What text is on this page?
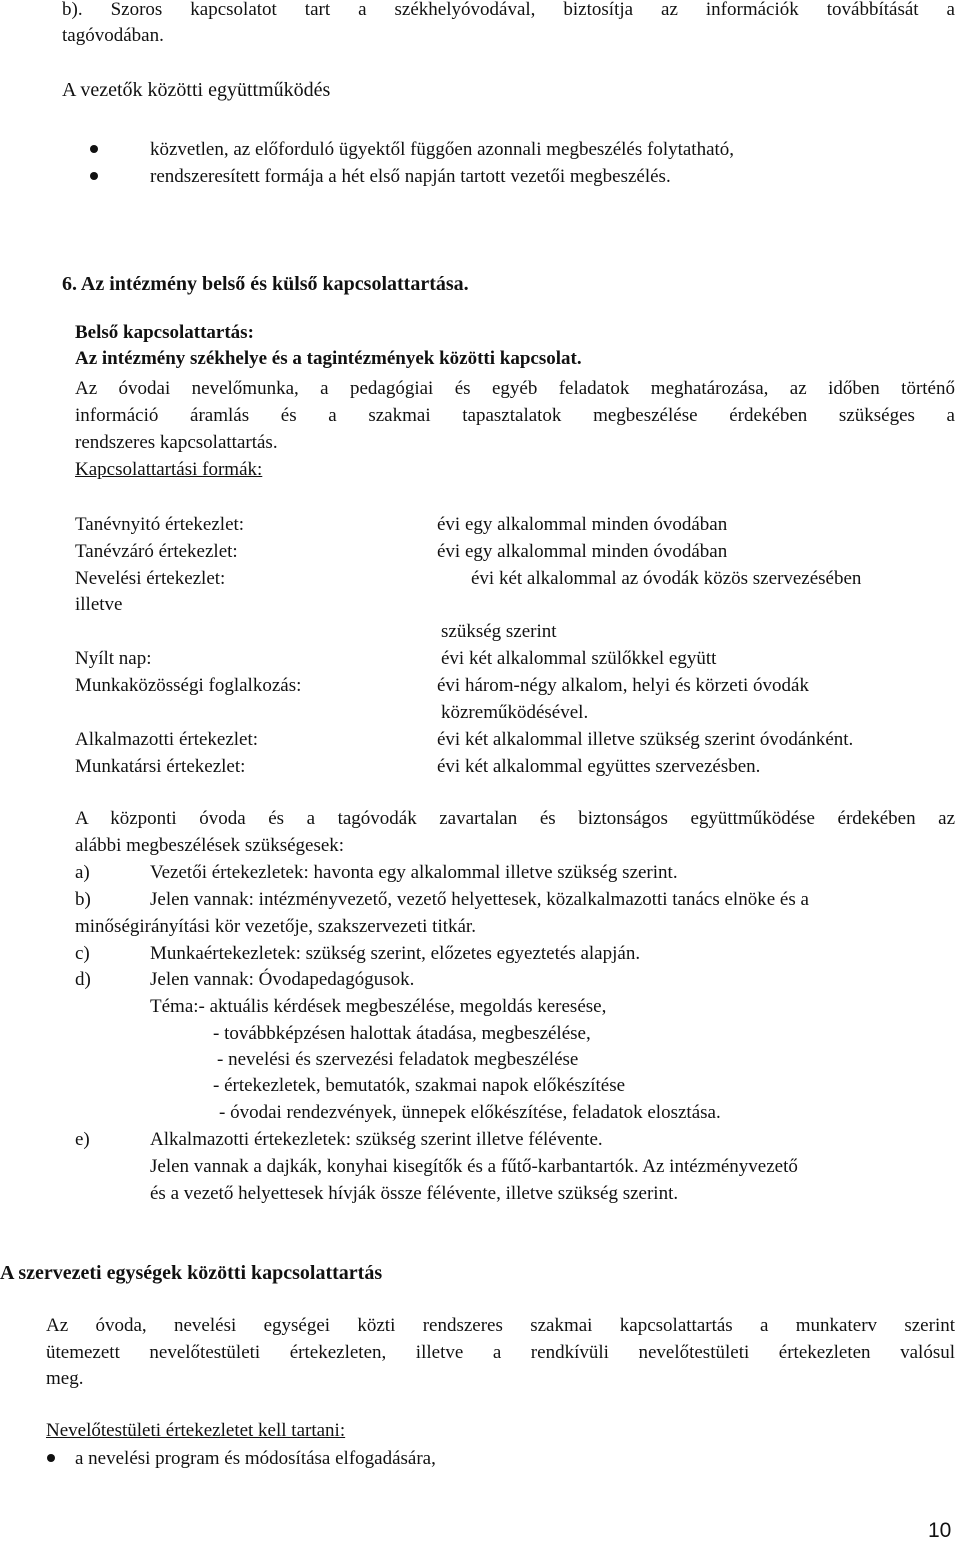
b). Szoros kapcsolatot tart a székhelyóvodával, biztosítja az információk továbbítását a
tagóvodában.
A vezetők közötti együttműködés
közvetlen, az előforduló ügyektől függően azonnali megbeszélés folytatható,
rendszeresített formája a hét első napján tartott vezetői megbeszélés.
6. Az intézmény belső és külső kapcsolattartása.
Belső kapcsolattartás:
Az intézmény székhelye és a tagintézmények közötti kapcsolat.
Az óvodai nevelőmunka, a pedagógiai és egyéb feladatok meghatározása, az időben történő
információ áramlás és a szakmai tapasztalatok megbeszélése érdekében szükséges a
rendszeres kapcsolattartás.
Kapcsolattartási formák:
Tanévnyitó értekezlet:	évi egy alkalommal minden óvodában
Tanévzáró értekezlet:	évi egy alkalommal minden óvodában
Nevelési értekezlet:	évi két alkalommal az óvodák közös szervezésében
illetve
szükség szerint
Nyílt nap:	évi két alkalommal szülőkkel együtt
Munkaközösségi foglalkozás:	évi három-négy alkalom, helyi és körzeti óvodák
közreműködésével.
Alkalmazotti értekezlet:	évi két alkalommal illetve szükség szerint óvodánként.
Munkatársi értekezlet:	évi két alkalommal együttes szervezésben.
A központi óvoda és a tagóvodák zavartalan és biztonságos együttműködése érdekében az
alábbi megbeszélések szükségesek:
a)	Vezetői értekezletek: havonta egy alkalommal illetve szükség szerint.
b)	Jelen vannak: intézményvezető, vezető helyettesek, közalkalmazotti tanács elnöke és a
minőségirányítási kör vezetője, szakszervezeti titkár.
c)	Munkaértekezletek: szükség szerint, előzetes egyeztetés alapján.
d)	Jelen vannak: Óvodapedagógusok.
Téma:- aktuális kérdések megbeszélése, megoldás keresése,
- továbbképzésen halottak átadása, megbeszélése,
- nevelési és szervezési feladatok megbeszélése
- értekezletek, bemutatók, szakmai napok előkészítése
- óvodai rendezvények, ünnepek előkészítése, feladatok elosztása.
e)	Alkalmazotti értekezletek: szükség szerint illetve félévente.
Jelen vannak a dajkák, konyhai kisegítők és a fűtő-karbantartók. Az intézményvezető
és a vezető helyettesek hívják össze félévente, illetve szükség szerint.
A szervezeti egységek közötti kapcsolattartás
Az óvoda, nevelési egységei közti rendszeres szakmai kapcsolattartás a munkaterv szerint
ütemezett nevelőtestületi értekezleten, illetve a rendkívüli nevelőtestületi értekezleten valósul
meg.
Nevelőtestületi értekezletet kell tartani:
a nevelési program és módosítása elfogadására,
10
